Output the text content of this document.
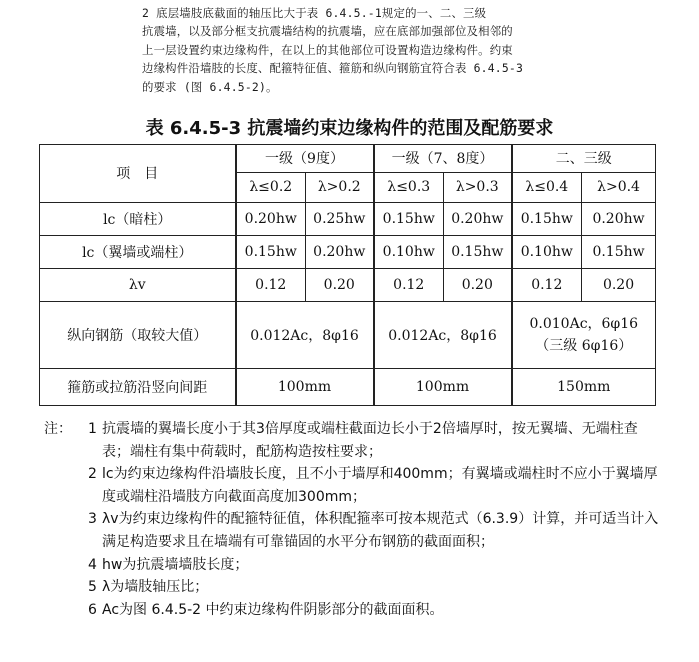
2 底层墙肢底截面的轴压比大于表 6.4.5.-1规定的一、二、三级

抗震墙，以及部分框支抗震墙结构的抗震墙，应在底部加强部位及相邻的

上一层设置约束边缘构件，在以上的其他部位可设置构造边缘构件。约束

边缘构件沿墙肢的长度、配箍特征值、箍筋和纵向钢筋宜符合表 6.4.5-3

的要求 (图 6.4.5-2)。

表 6.4.5-3 抗震墙约束边缘构件的范围及配筋要求
项　目	一级（9度）		一级（7、8度）		二、三级	
	λ≤0.2	λ>0.2	λ≤0.3	λ>0.3	λ≤0.4	λ>0.4
lc（暗柱）	0.20hw	0.25hw	0.15hw	0.20hw	0.15hw	0.20hw
lc（翼墙或端柱）	0.15hw	0.20hw	0.10hw	0.15hw	0.10hw	0.15hw
λv	0.12	0.20	0.12	0.20	0.12	0.20
纵向钢筋（取较大值）	0.012Ac，8φ16		0.012Ac，8φ16		0.010Ac，6φ16
（三级 6φ16）	

箍筋或拉筋沿竖向间距	100mm		100mm		150mm	
注： 1 抗震墙的翼墙长度小于其3倍厚度或端柱截面边长小于2倍墙厚时，按无翼墙、无端柱查表；端柱有集中荷载时，配筋构造按柱要求；
2 lc为约束边缘构件沿墙肢长度，且不小于墙厚和400mm；有翼墙或端柱时不应小于翼墙厚度或端柱沿墙肢方向截面高度加300mm；
3 λv为约束边缘构件的配箍特征值，体积配箍率可按本规范式（6.3.9）计算，并可适当计入满足构造要求且在墙端有可靠锚固的水平分布钢筋的截面面积；
4 hw为抗震墙墙肢长度；
5 λ为墙肢轴压比；
6 Ac为图 6.4.5-2 中约束边缘构件阴影部分的截面面积。
